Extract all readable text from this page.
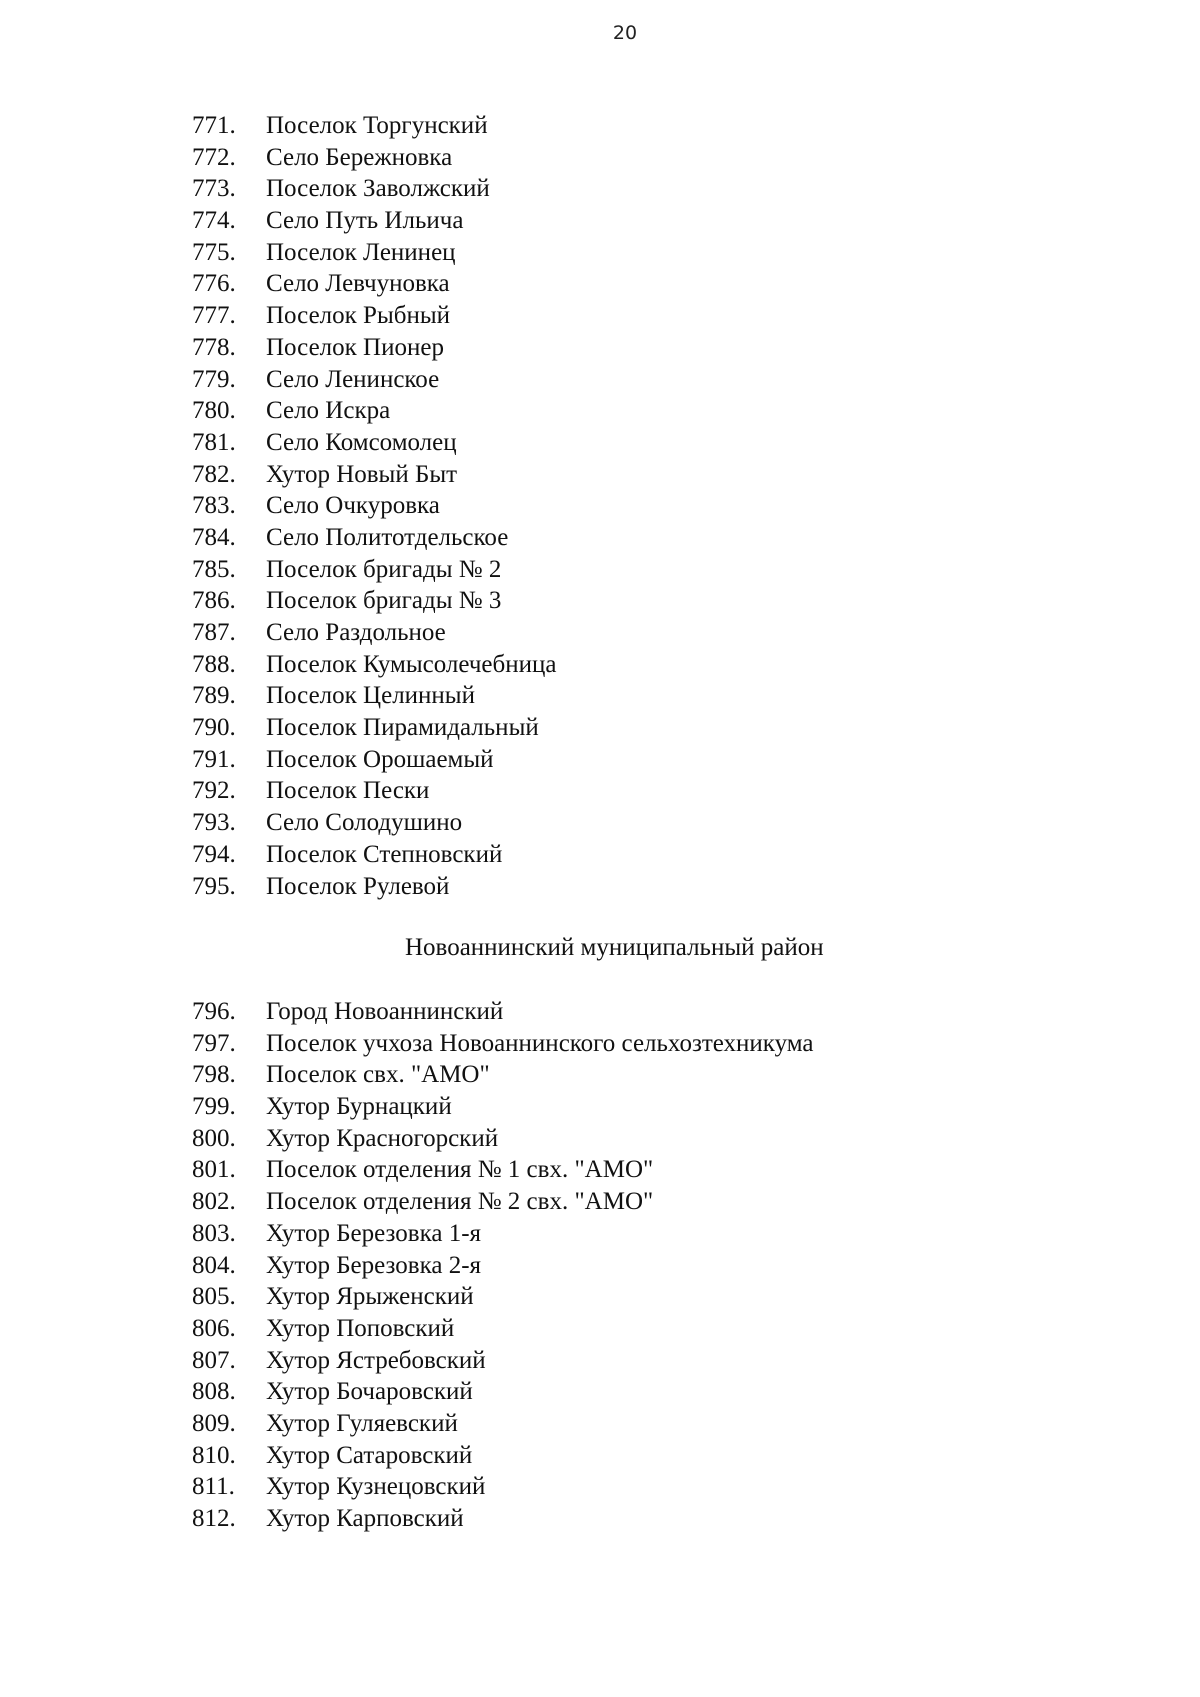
20
771.	Поселок Торгунский
772.	Село Бережновка
773.	Поселок Заволжский
774.	Село Путь Ильича
775.	Поселок Ленинец
776.	Село Левчуновка
777.	Поселок Рыбный
778.	Поселок Пионер
779.	Село Ленинское
780.	Село Искра
781.	Село Комсомолец
782.	Хутор Новый Быт
783.	Село Очкуровка
784.	Село Политотдельское
785.	Поселок бригады № 2
786.	Поселок бригады № 3
787.	Село Раздольное
788.	Поселок Кумысолечебница
789.	Поселок Целинный
790.	Поселок Пирамидальный
791.	Поселок Орошаемый
792.	Поселок Пески
793.	Село Солодушино
794.	Поселок Степновский
795.	Поселок Рулевой
Новоаннинский муниципальный район
796.	Город Новоаннинский
797.	Поселок учхоза Новоаннинского сельхозтехникума
798.	Поселок свх. "АМО"
799.	Хутор Бурнацкий
800.	Хутор Красногорский
801.	Поселок отделения № 1 свх. "АМО"
802.	Поселок отделения № 2 свх. "АМО"
803.	Хутор Березовка 1-я
804.	Хутор Березовка 2-я
805.	Хутор Ярыженский
806.	Хутор Поповский
807.	Хутор Ястребовский
808.	Хутор Бочаровский
809.	Хутор Гуляевский
810.	Хутор Сатаровский
811.	Хутор Кузнецовский
812.	Хутор Карповский
